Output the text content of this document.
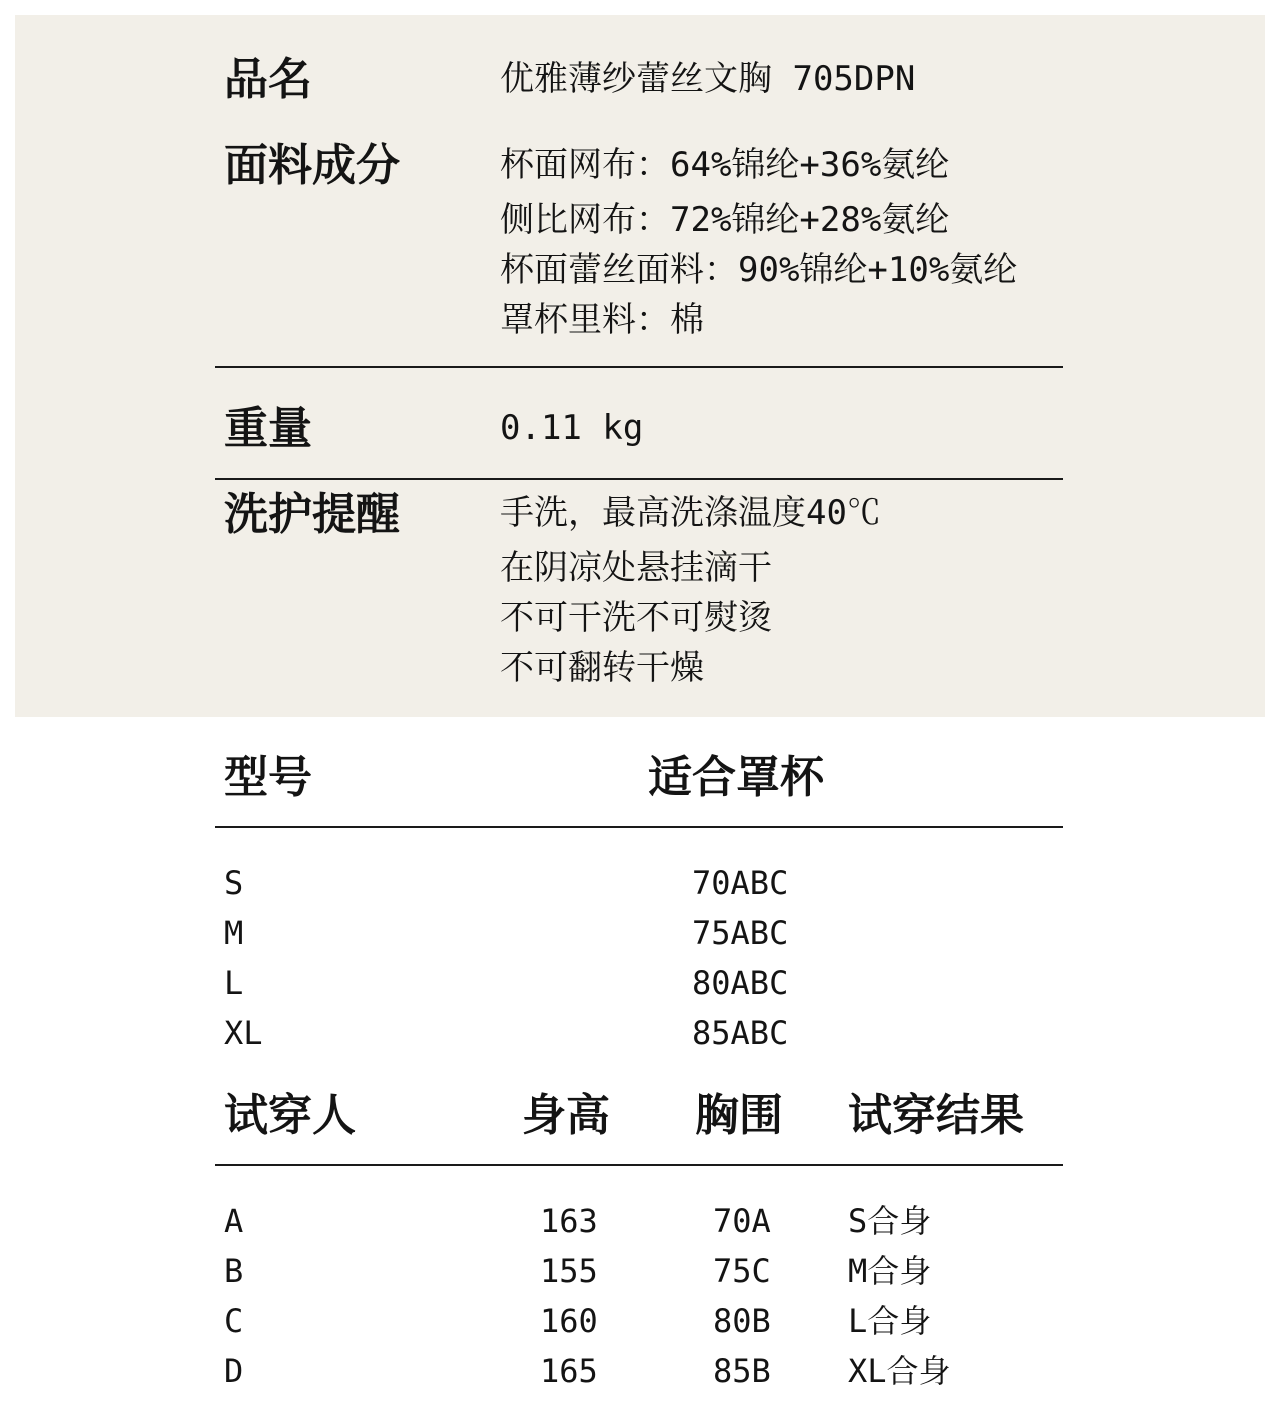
品名	优雅薄纱蕾丝文胸 705DPN
面料成分	杯面网布：64%锦纶+36%氨纶
侧比网布：72%锦纶+28%氨纶
杯面蕾丝面料：90%锦纶+10%氨纶
罩杯里料：棉
重量	0.11 kg
洗护提醒	手洗，最高洗涤温度40℃
在阴凉处悬挂滴干
不可干洗不可熨烫
不可翻转干燥
型号	适合罩杯
S	70ABC
M	75ABC
L	80ABC
XL	85ABC
试穿人	身高 胸围 试穿结果
A	163	70A S合身
B	155	75C M合身
C	160	80B L合身
D	165	85B XL合身
